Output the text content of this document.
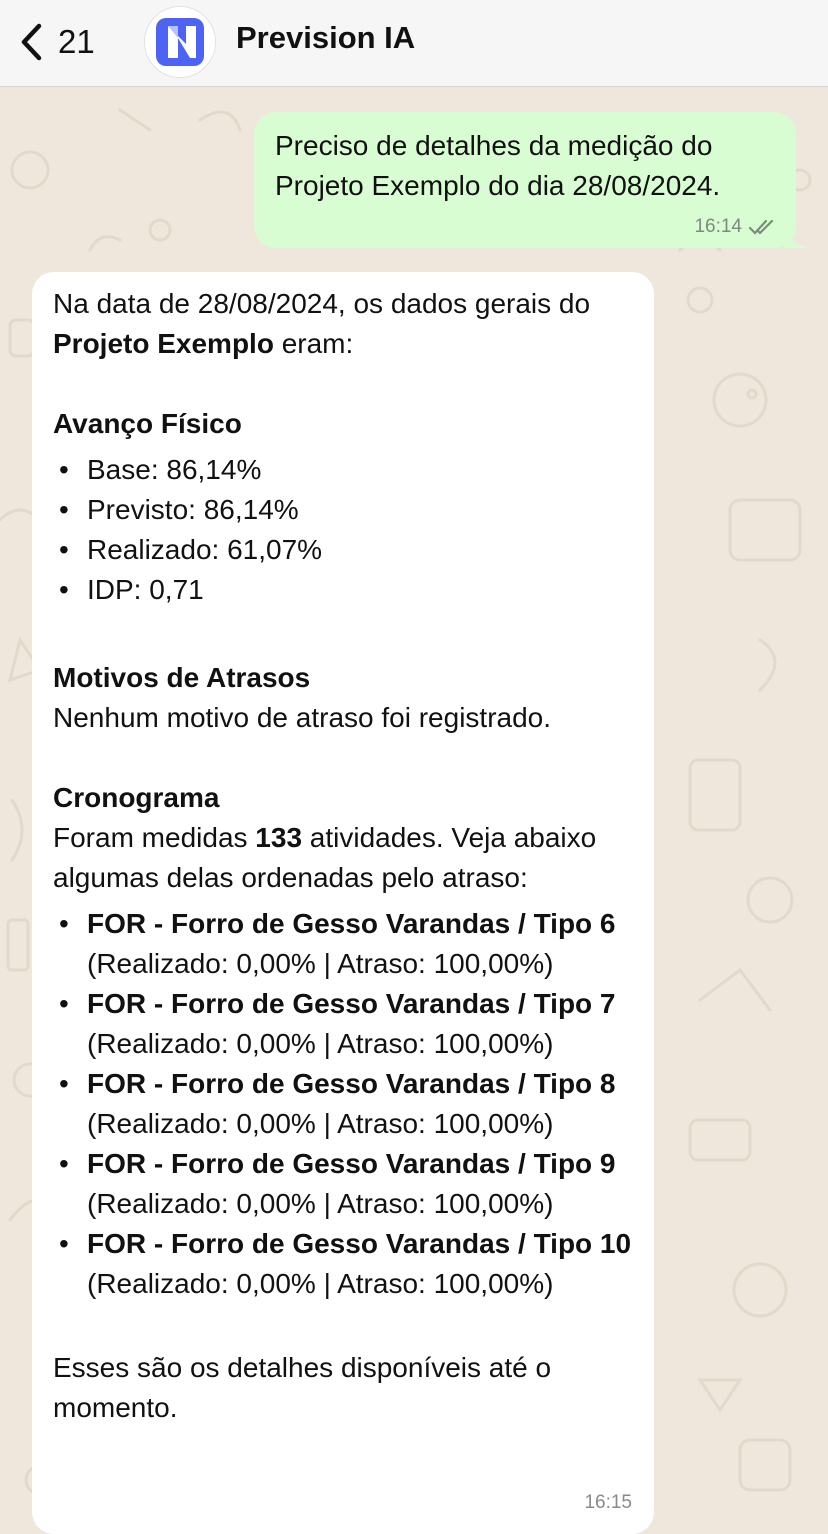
21	Prevision IA
Preciso de detalhes da medição do Projeto Exemplo do dia 28/08/2024.
16:14

Na data de 28/08/2024, os dados gerais do Projeto Exemplo eram:

Avanço Físico

• Base: 86,14%
• Previsto: 86,14%
• Realizado: 61,07%
• IDP: 0,71

Motivos de Atrasos

Nenhum motivo de atraso foi registrado.

Cronograma

Foram medidas 133 atividades. Veja abaixo algumas delas ordenadas pelo atraso:

• FOR - Forro de Gesso Varandas / Tipo 6 (Realizado: 0,00% | Atraso: 100,00%)
• FOR - Forro de Gesso Varandas / Tipo 7 (Realizado: 0,00% | Atraso: 100,00%)
• FOR - Forro de Gesso Varandas / Tipo 8 (Realizado: 0,00% | Atraso: 100,00%)
• FOR - Forro de Gesso Varandas / Tipo 9 (Realizado: 0,00% | Atraso: 100,00%)
• FOR - Forro de Gesso Varandas / Tipo 10 (Realizado: 0,00% | Atraso: 100,00%)

Esses são os detalhes disponíveis até o momento.

16:15
